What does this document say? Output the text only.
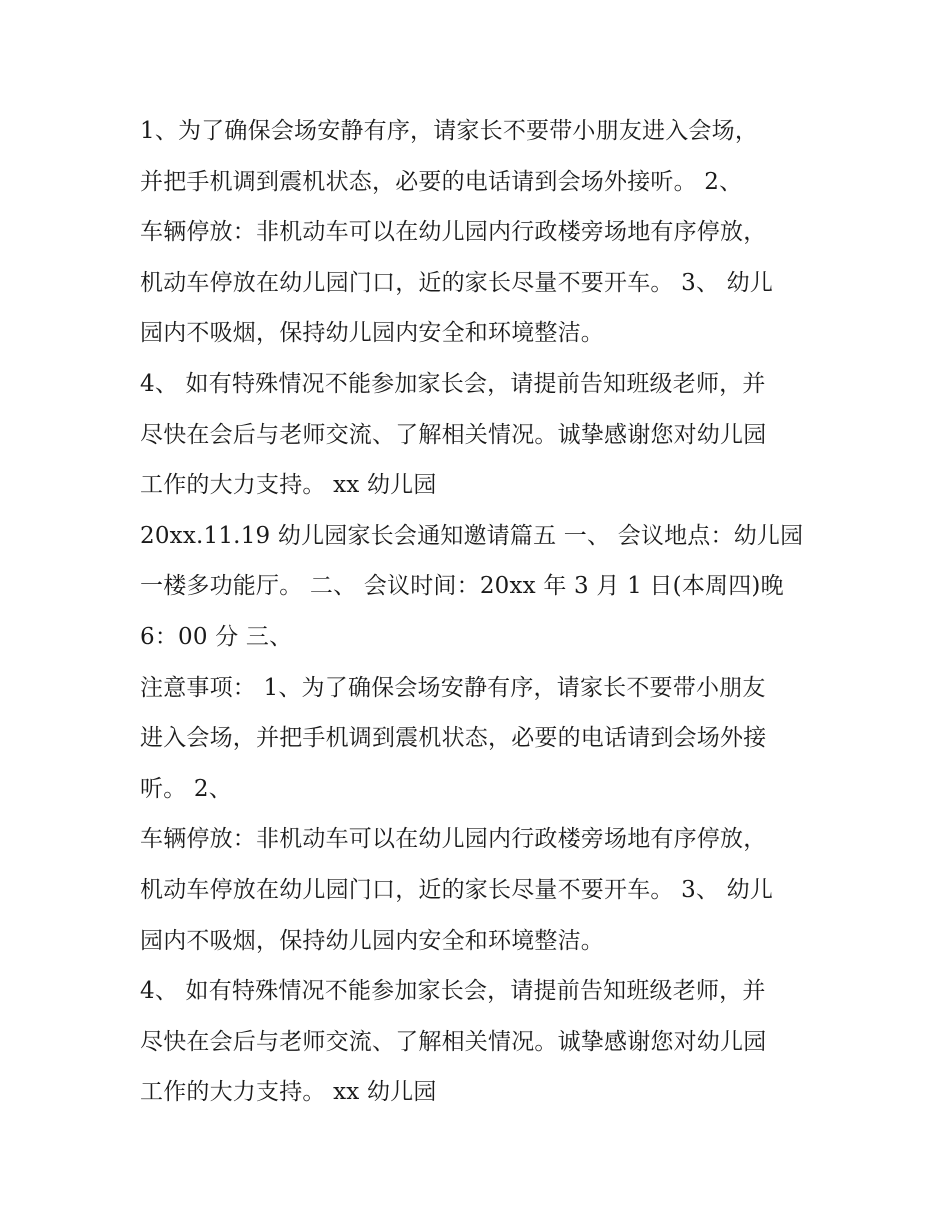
1、为了确保会场安静有序，请家长不要带小朋友进入会场，
并把手机调到震机状态，必要的电话请到会场外接听。 2、
车辆停放：非机动车可以在幼儿园内行政楼旁场地有序停放，
机动车停放在幼儿园门口，近的家长尽量不要开车。 3、 幼儿
园内不吸烟，保持幼儿园内安全和环境整洁。
4、 如有特殊情况不能参加家长会，请提前告知班级老师，并
尽快在会后与老师交流、了解相关情况。诚挚感谢您对幼儿园
工作的大力支持。 xx 幼儿园
20xx.11.19 幼儿园家长会通知邀请篇五 一、 会议地点：幼儿园
一楼多功能厅。 二、 会议时间：20xx 年 3 月 1 日(本周四)晚
6：00 分 三、
注意事项： 1、为了确保会场安静有序，请家长不要带小朋友
进入会场，并把手机调到震机状态，必要的电话请到会场外接
听。 2、
车辆停放：非机动车可以在幼儿园内行政楼旁场地有序停放，
机动车停放在幼儿园门口，近的家长尽量不要开车。 3、 幼儿
园内不吸烟，保持幼儿园内安全和环境整洁。
4、 如有特殊情况不能参加家长会，请提前告知班级老师，并
尽快在会后与老师交流、了解相关情况。诚挚感谢您对幼儿园
工作的大力支持。 xx 幼儿园
